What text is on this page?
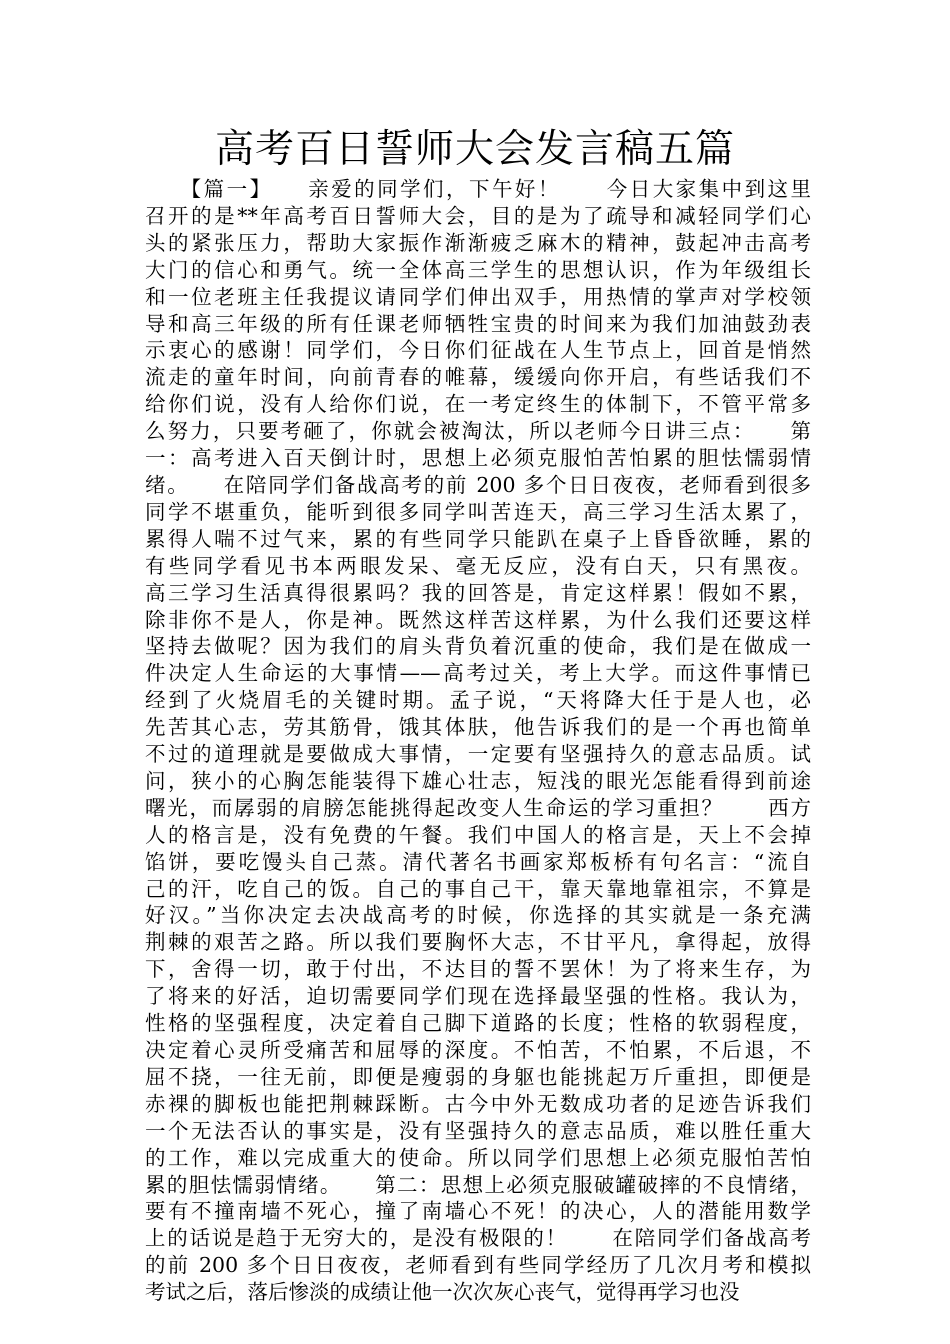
高考百日誓师大会发言稿五篇
　　【篇一】　　亲爱的同学们，下午好！　　今日大家集中到这里
召开的是**年高考百日誓师大会，目的是为了疏导和减轻同学们心
头的紧张压力，帮助大家振作渐渐疲乏麻木的精神，鼓起冲击高考
大门的信心和勇气。统一全体高三学生的思想认识，作为年级组长
和一位老班主任我提议请同学们伸出双手，用热情的掌声对学校领
导和高三年级的所有任课老师牺牲宝贵的时间来为我们加油鼓劲表
示衷心的感谢！同学们，今日你们征战在人生节点上，回首是悄然
流走的童年时间，向前青春的帷幕，缓缓向你开启，有些话我们不
给你们说，没有人给你们说，在一考定终生的体制下，不管平常多
么努力，只要考砸了，你就会被淘汰，所以老师今日讲三点：　　第
一：高考进入百天倒计时，思想上必须克服怕苦怕累的胆怯懦弱情
绪。　　在陪同学们备战高考的前 200 多个日日夜夜，老师看到很多
同学不堪重负，能听到很多同学叫苦连天，高三学习生活太累了，
累得人喘不过气来，累的有些同学只能趴在桌子上昏昏欲睡，累的
有些同学看见书本两眼发呆、毫无反应，没有白天，只有黑夜。
高三学习生活真得很累吗？我的回答是，肯定这样累！假如不累，
除非你不是人，你是神。既然这样苦这样累，为什么我们还要这样
坚持去做呢？因为我们的肩头背负着沉重的使命，我们是在做成一
件决定人生命运的大事情——高考过关，考上大学。而这件事情已
经到了火烧眉毛的关键时期。孟子说，“天将降大任于是人也，必
先苦其心志，劳其筋骨，饿其体肤，他告诉我们的是一个再也简单
不过的道理就是要做成大事情，一定要有坚强持久的意志品质。试
问，狭小的心胸怎能装得下雄心壮志，短浅的眼光怎能看得到前途
曙光，而孱弱的肩膀怎能挑得起改变人生命运的学习重担？　　西方
人的格言是，没有免费的午餐。我们中国人的格言是，天上不会掉
馅饼，要吃馒头自己蒸。清代著名书画家郑板桥有句名言：“流自
己的汗，吃自己的饭。自己的事自己干，靠天靠地靠祖宗，不算是
好汉。”当你决定去决战高考的时候，你选择的其实就是一条充满
荆棘的艰苦之路。所以我们要胸怀大志，不甘平凡，拿得起，放得
下，舍得一切，敢于付出，不达目的誓不罢休！为了将来生存，为
了将来的好活，迫切需要同学们现在选择最坚强的性格。我认为，
性格的坚强程度，决定着自己脚下道路的长度；性格的软弱程度，
决定着心灵所受痛苦和屈辱的深度。不怕苦，不怕累，不后退，不
屈不挠，一往无前，即便是瘦弱的身躯也能挑起万斤重担，即便是
赤裸的脚板也能把荆棘踩断。古今中外无数成功者的足迹告诉我们
一个无法否认的事实是，没有坚强持久的意志品质，难以胜任重大
的工作，难以完成重大的使命。所以同学们思想上必须克服怕苦怕
累的胆怯懦弱情绪。　　第二：思想上必须克服破罐破摔的不良情绪，
要有不撞南墙不死心，撞了南墙心不死！的决心，人的潜能用数学
上的话说是趋于无穷大的，是没有极限的！　　在陪同学们备战高考
的前 200 多个日日夜夜，老师看到有些同学经历了几次月考和模拟
考试之后，落后惨淡的成绩让他一次次灰心丧气，觉得再学习也没
